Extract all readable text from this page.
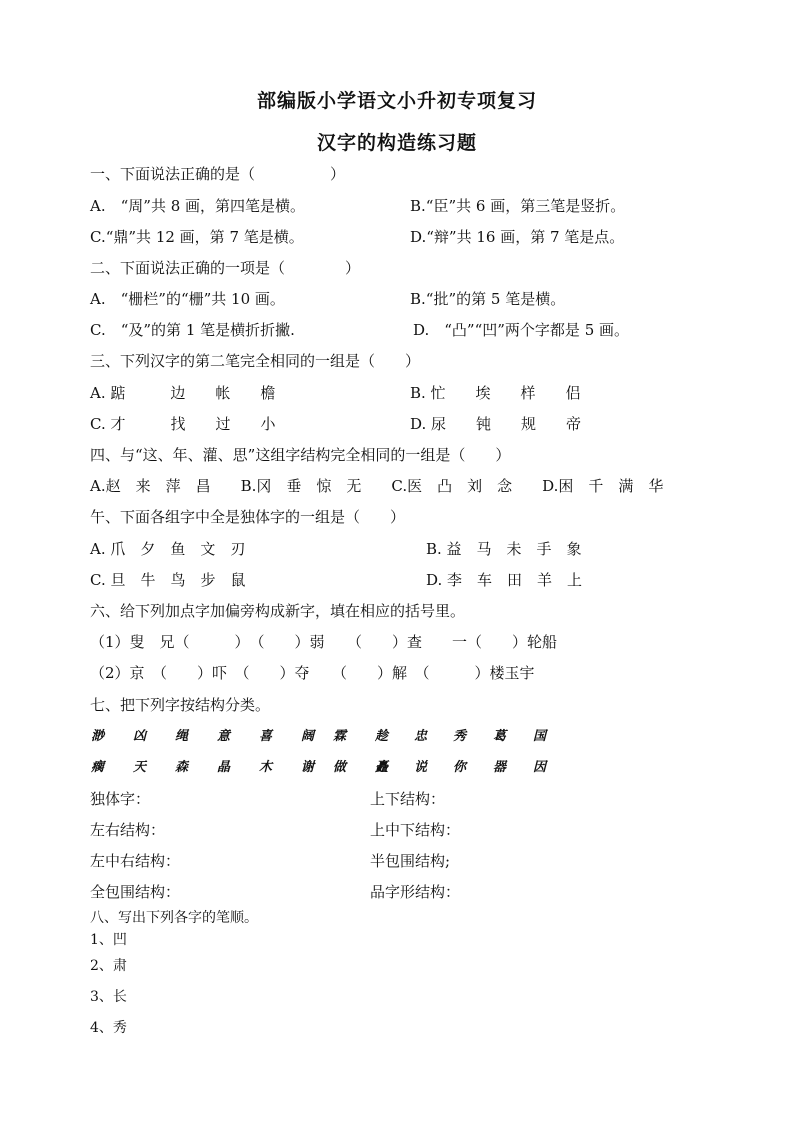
部编版小学语文小升初专项复习
汉字的构造练习题
一、下面说法正确的是（　　　　　）
A.　“周”共 8 画，第四笔是横。	B.“臣”共 6 画，第三笔是竖折。
C.“鼎”共 12 画，第 7 笔是横。	D.“辩”共 16 画，第 7 笔是点。
二、下面说法正确的一项是（　　　　）
A.　“栅栏”的“栅”共 10 画。	B.“批”的第 5 笔是横。
C.　“及”的第 1 笔是横折折撇.	D.　“凸”“凹”两个字都是 5 画。
三、下列汉字的第二笔完全相同的一组是（　　）
A. 踮　　　边　　帐　　檐	B. 忙　　埃　　样　　侣
C. 才　　　找　　过　　小	D. 尿　　钝　　规　　帝
四、与“这、年、灌、思”这组字结构完全相同的一组是（　　）
A.赵　来　萍　昌　　B.冈　垂　惊　无　　C.医　凸　刘　念　　D.困　千　满　华
午、下面各组字中全是独体字的一组是（　　）
A. 爪　夕　鱼　文　刃	B. 益　马　未　手　象
C. 旦　牛　鸟　步　鼠	D. 李　车　田　羊　上
六、给下列加点字加偏旁构成新字，填在相应的括号里。
（1）叟　兄（　　　）　（　　）弱　　（　　）查　　一（　　）轮船
（2）京　（　　）吓　（　　）夺　　（　　）解　（　　　）楼玉宇
七、把下列字按结构分类。
渺 凶 绳 意 喜 阔 霖 趁 忠 秀 葛 国
瘸 天 森 晶 木 谢 做 矗 说 你 器 因
独体字：	上下结构：
左右结构：	上中下结构：
左中右结构：	半包围结构;
全包围结构：	品字形结构：
八、写出下列各字的笔顺。
1、凹
2、肃
3、长
4、秀
